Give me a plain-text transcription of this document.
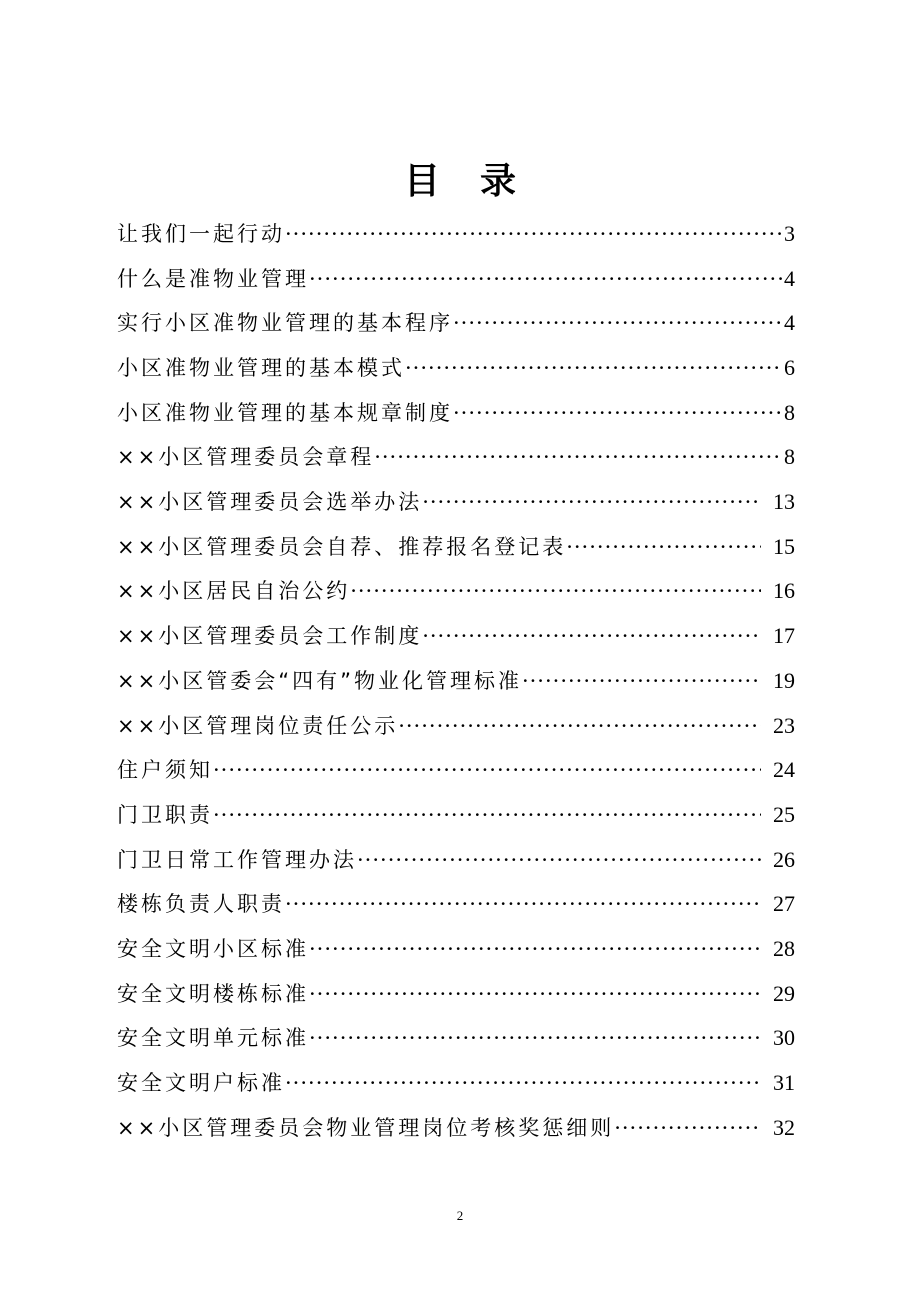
目 录
让我们一起行动 ·····	3
什么是准物业管理 ·····	4
实行小区准物业管理的基本程序 ·····	4
小区准物业管理的基本模式 ·····	6
小区准物业管理的基本规章制度 ·····	8
××小区管理委员会章程 ·····	8
××小区管理委员会选举办法 ·····	13
××小区管理委员会自荐、推荐报名登记表 ·····	15
××小区居民自治公约 ·····	16
××小区管理委员会工作制度 ·····	17
××小区管委会“四有”物业化管理标准 ·····	19
××小区管理岗位责任公示 ·····	23
住户须知 ·····	24
门卫职责 ·····	25
门卫日常工作管理办法 ·····	26
楼栋负责人职责 ·····	27
安全文明小区标准 ·····	28
安全文明楼栋标准 ·····	29
安全文明单元标准 ·····	30
安全文明户标准 ·····	31
××小区管理委员会物业管理岗位考核奖惩细则 ·····	32
2
